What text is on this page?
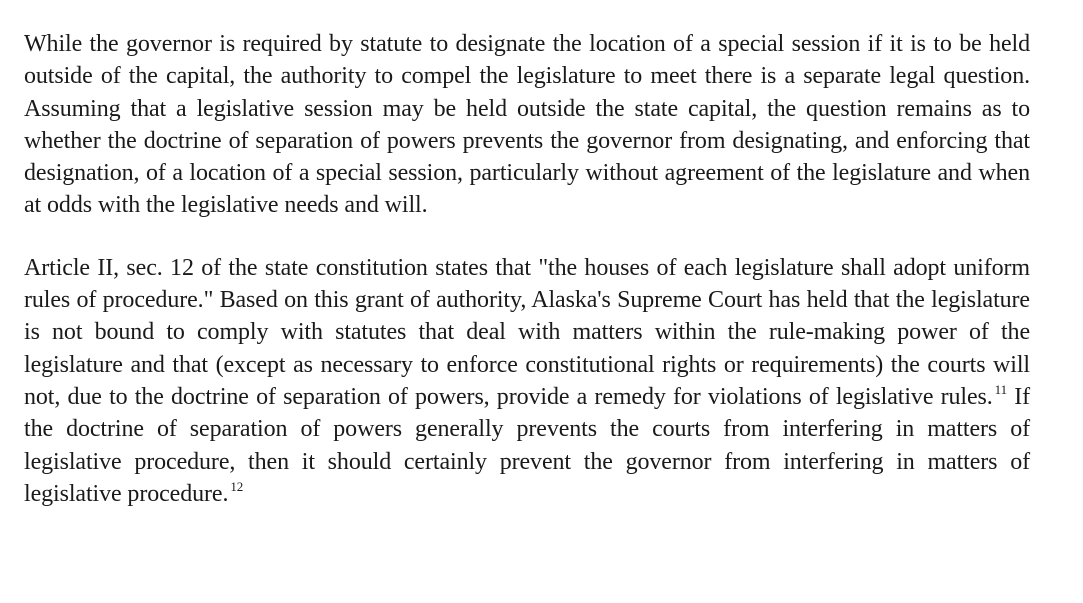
While the governor is required by statute to designate the location of a special session if it is to be held outside of the capital, the authority to compel the legislature to meet there is a separate legal question. Assuming that a legislative session may be held outside the state capital, the question remains as to whether the doctrine of separation of powers prevents the governor from designating, and enforcing that designation, of a location of a special session, particularly without agreement of the legislature and when at odds with the legislative needs and will.

Article II, sec. 12 of the state constitution states that "the houses of each legislature shall adopt uniform rules of procedure." Based on this grant of authority, Alaska's Supreme Court has held that the legislature is not bound to comply with statutes that deal with matters within the rule-making power of the legislature and that (except as necessary to enforce constitutional rights or requirements) the courts will not, due to the doctrine of separation of powers, provide a remedy for violations of legislative rules. $^{11}$ If the doctrine of separation of powers generally prevents the courts from interfering in matters of legislative procedure, then it should certainly prevent the governor from interfering in matters of legislative procedure. $^{12}$
